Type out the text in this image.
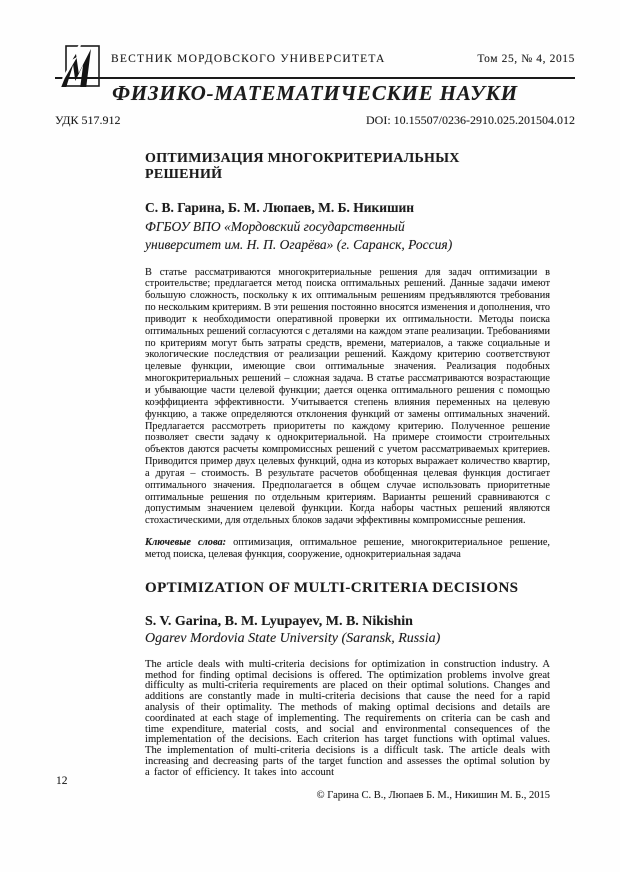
ВЕСТНИК МОРДОВСКОГО УНИВЕРСИТЕТА	Том 25, № 4, 2015
ФИЗИКО-МАТЕМАТИЧЕСКИЕ НАУКИ
УДК 517.912	DOI: 10.15507/0236-2910.025.201504.012
ОПТИМИЗАЦИЯ МНОГОКРИТЕРИАЛЬНЫХ РЕШЕНИЙ
С. В. Гарина, Б. М. Люпаев, М. Б. Никишин
ФГБОУ ВПО «Мордовский государственный университет им. Н. П. Огарёва» (г. Саранск, Россия)
В статье рассматриваются многокритериальные решения для задач оптимизации в строительстве; предлагается метод поиска оптимальных решений. Данные задачи имеют большую сложность, поскольку к их оптимальным решениям предъявляются требования по нескольким критериям. В эти решения постоянно вносятся изменения и дополнения, что приводит к необходимости оперативной проверки их оптимальности. Методы поиска оптимальных решений согласуются с деталями на каждом этапе реализации. Требованиями по критериям могут быть затраты средств, времени, материалов, а также социальные и экологические последствия от реализации решений. Каждому критерию соответствуют целевые функции, имеющие свои оптимальные значения. Реализация подобных многокритериальных решений – сложная задача. В статье рассматриваются возрастающие и убывающие части целевой функции; дается оценка оптимального решения с помощью коэффициента эффективности. Учитывается степень влияния переменных на целевую функцию, а также определяются отклонения функций от замены оптимальных значений. Предлагается рассмотреть приоритеты по каждому критерию. Полученное решение позволяет свести задачу к однокритериальной. На примере стоимости строительных объектов даются расчеты компромиссных решений с учетом рассматриваемых критериев. Приводится пример двух целевых функций, одна из которых выражает количество квартир, а другая – стоимость. В результате расчетов обобщенная целевая функция достигает оптимального значения. Предполагается в общем случае использовать приоритетные оптимальные решения по отдельным критериям. Варианты решений сравниваются с допустимым значением целевой функции. Когда наборы частных решений являются стохастическими, для отдельных блоков задачи эффективны компромиссные решения.
Ключевые слова: оптимизация, оптимальное решение, многокритериальное решение, метод поиска, целевая функция, сооружение, однокритериальная задача
OPTIMIZATION OF MULTI-CRITERIA DECISIONS
S. V. Garina, B. M. Lyupayev, M. B. Nikishin
Ogarev Mordovia State University (Saransk, Russia)
The article deals with multi-criteria decisions for optimization in construction industry. A method for finding optimal decisions is offered. The optimization problems involve great difficulty as multi-criteria requirements are placed on their optimal solutions. Changes and additions are constantly made in multi-criteria decisions that cause the need for a rapid analysis of their optimality. The methods of making optimal decisions and details are coordinated at each stage of implementing. The requirements on criteria can be cash and time expenditure, material costs, and social and environmental consequences of the implementation of the decisions. Each criterion has target functions with optimal values. The implementation of multi-criteria decisions is a difficult task. The article deals with increasing and decreasing parts of the target function and assesses the optimal solution by a factor of efficiency. It takes into account
© Гарина С. В., Люпаев Б. М., Никишин М. Б., 2015
12
